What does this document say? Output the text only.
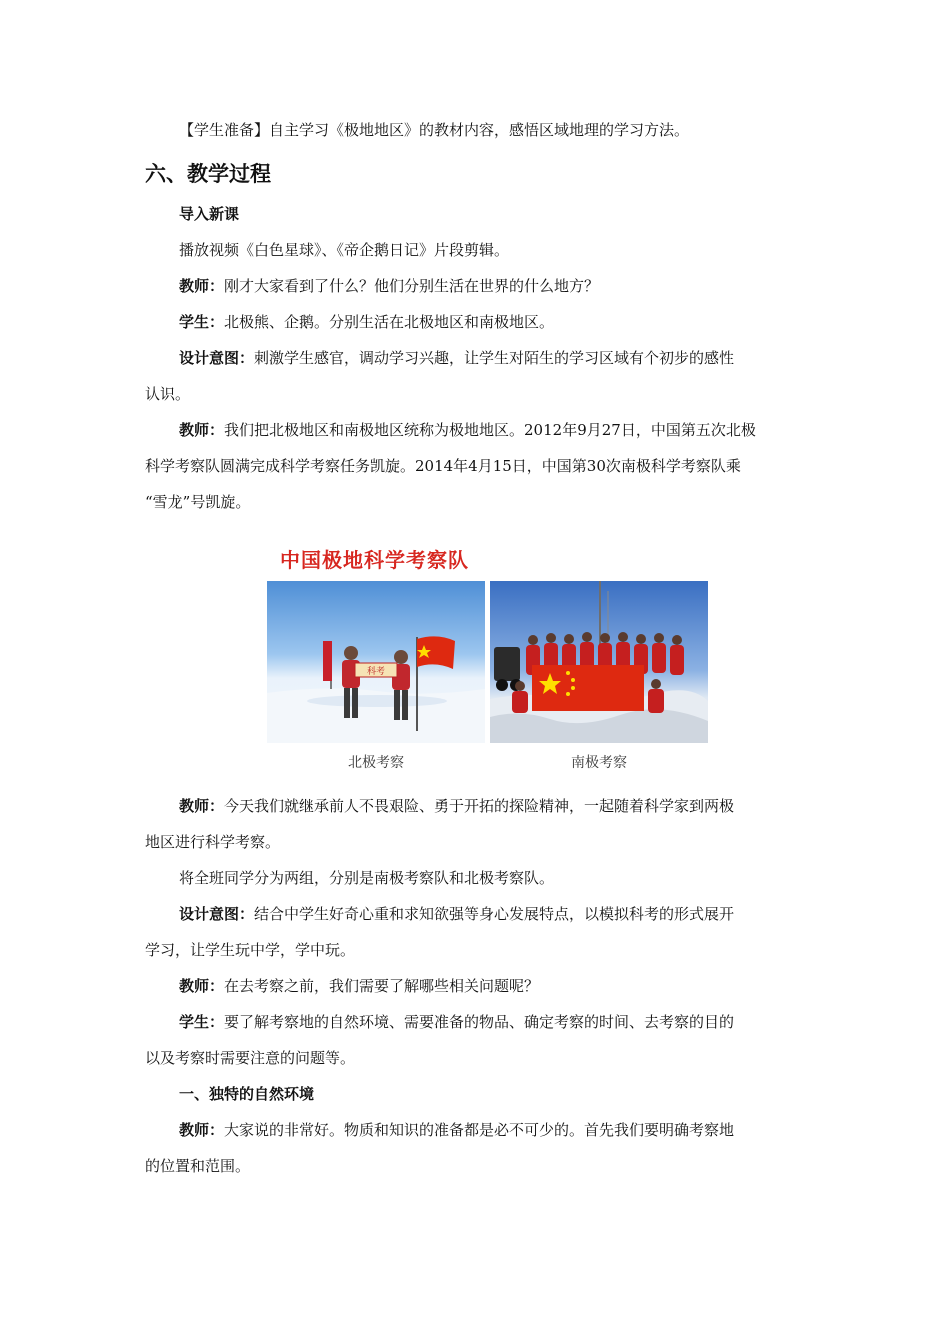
【学生准备】自主学习《极地地区》的教材内容，感悟区域地理的学习方法。

六、教学过程

导入新课

播放视频《白色星球》、《帝企鹅日记》片段剪辑。

教师：刚才大家看到了什么？他们分别生活在世界的什么地方？

学生：北极熊、企鹅。分别生活在北极地区和南极地区。

设计意图：刺激学生感官，调动学习兴趣，让学生对陌生的学习区域有个初步的感性

认识。

教师：我们把北极地区和南极地区统称为极地地区。2012年9月27日，中国第五次北极

科学考察队圆满完成科学考察任务凯旋。2014年4月15日，中国第30次南极科学考察队乘

“雪龙”号凯旋。

中国极地科学考察队
科考
北极考察	南极考察

教师：今天我们就继承前人不畏艰险、勇于开拓的探险精神，一起随着科学家到两极

地区进行科学考察。

将全班同学分为两组，分别是南极考察队和北极考察队。

设计意图：结合中学生好奇心重和求知欲强等身心发展特点，以模拟科考的形式展开

学习，让学生玩中学，学中玩。

教师：在去考察之前，我们需要了解哪些相关问题呢？

学生：要了解考察地的自然环境、需要准备的物品、确定考察的时间、去考察的目的

以及考察时需要注意的问题等。

一、独特的自然环境

教师：大家说的非常好。物质和知识的准备都是必不可少的。首先我们要明确考察地

的位置和范围。
